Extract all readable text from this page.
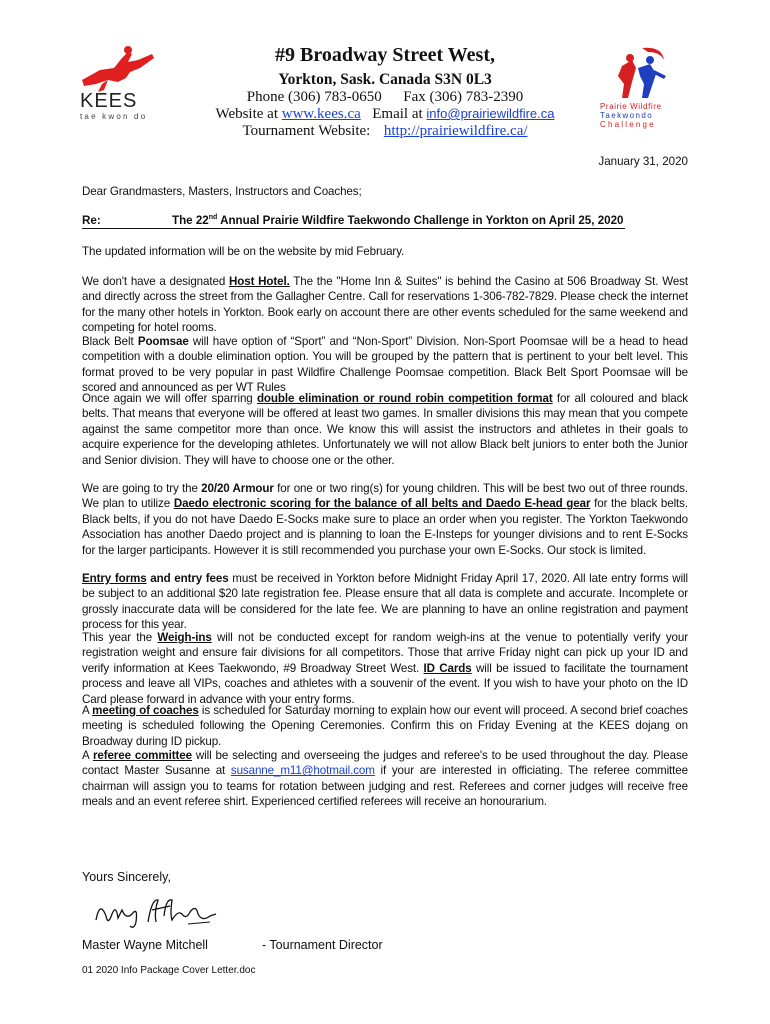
KEES
tae kwon do
Prairie Wildfire
Taekwondo
Challenge
#9 Broadway Street West,
Yorkton, Sask. Canada S3N 0L3
Phone (306) 783-0650 Fax (306) 783-2390
Website at www.kees.ca Email at info@prairiewildfire.ca
Tournament Website: http://prairiewildfire.ca/
January 31, 2020
Dear Grandmasters, Masters, Instructors and Coaches;
Re:	The 22nd Annual Prairie Wildfire Taekwondo Challenge in Yorkton on April 25, 2020
The updated information will be on the website by mid February.
We don't have a designated Host Hotel. The the "Home Inn & Suites" is behind the Casino at 506 Broadway St. West and directly across the street from the Gallagher Centre. Call for reservations 1-306-782-7829. Please check the internet for the many other hotels in Yorkton. Book early on account there are other events scheduled for the same weekend and competing for hotel rooms.
Black Belt Poomsae will have option of “Sport” and “Non-Sport” Division. Non-Sport Poomsae will be a head to head competition with a double elimination option. You will be grouped by the pattern that is pertinent to your belt level. This format proved to be very popular in past Wildfire Challenge Poomsae competition. Black Belt Sport Poomsae will be scored and announced as per WT Rules
Once again we will offer sparring double elimination or round robin competition format for all coloured and black belts. That means that everyone will be offered at least two games. In smaller divisions this may mean that you compete against the same competitor more than once. We know this will assist the instructors and athletes in their goals to acquire experience for the developing athletes. Unfortunately we will not allow Black belt juniors to enter both the Junior and Senior division. They will have to choose one or the other.
We are going to try the 20/20 Armour for one or two ring(s) for young children. This will be best two out of three rounds. We plan to utilize Daedo electronic scoring for the balance of all belts and Daedo E-head gear for the black belts. Black belts, if you do not have Daedo E-Socks make sure to place an order when you register. The Yorkton Taekwondo Association has another Daedo project and is planning to loan the E-Insteps for younger divisions and to rent E-Socks for the larger participants. However it is still recommended you purchase your own E-Socks. Our stock is limited.
Entry forms and entry fees must be received in Yorkton before Midnight Friday April 17, 2020. All late entry forms will be subject to an additional $20 late registration fee. Please ensure that all data is complete and accurate. Incomplete or grossly inaccurate data will be considered for the late fee. We are planning to have an online registration and payment process for this year.
This year the Weigh-ins will not be conducted except for random weigh-ins at the venue to potentially verify your registration weight and ensure fair divisions for all competitors. Those that arrive Friday night can pick up your ID and verify information at Kees Taekwondo, #9 Broadway Street West. ID Cards will be issued to facilitate the tournament process and leave all VIPs, coaches and athletes with a souvenir of the event. If you wish to have your photo on the ID Card please forward in advance with your entry forms.
A meeting of coaches is scheduled for Saturday morning to explain how our event will proceed. A second brief coaches meeting is scheduled following the Opening Ceremonies. Confirm this on Friday Evening at the KEES dojang on Broadway during ID pickup.
A referee committee will be selecting and overseeing the judges and referee's to be used throughout the day. Please contact Master Susanne at susanne_m11@hotmail.com if your are interested in officiating. The referee committee chairman will assign you to teams for rotation between judging and rest. Referees and corner judges will receive free meals and an event referee shirt. Experienced certified referees will receive an honourarium.
Yours Sincerely,
Master Wayne Mitchell	- Tournament Director
01 2020 Info Package Cover Letter.doc
